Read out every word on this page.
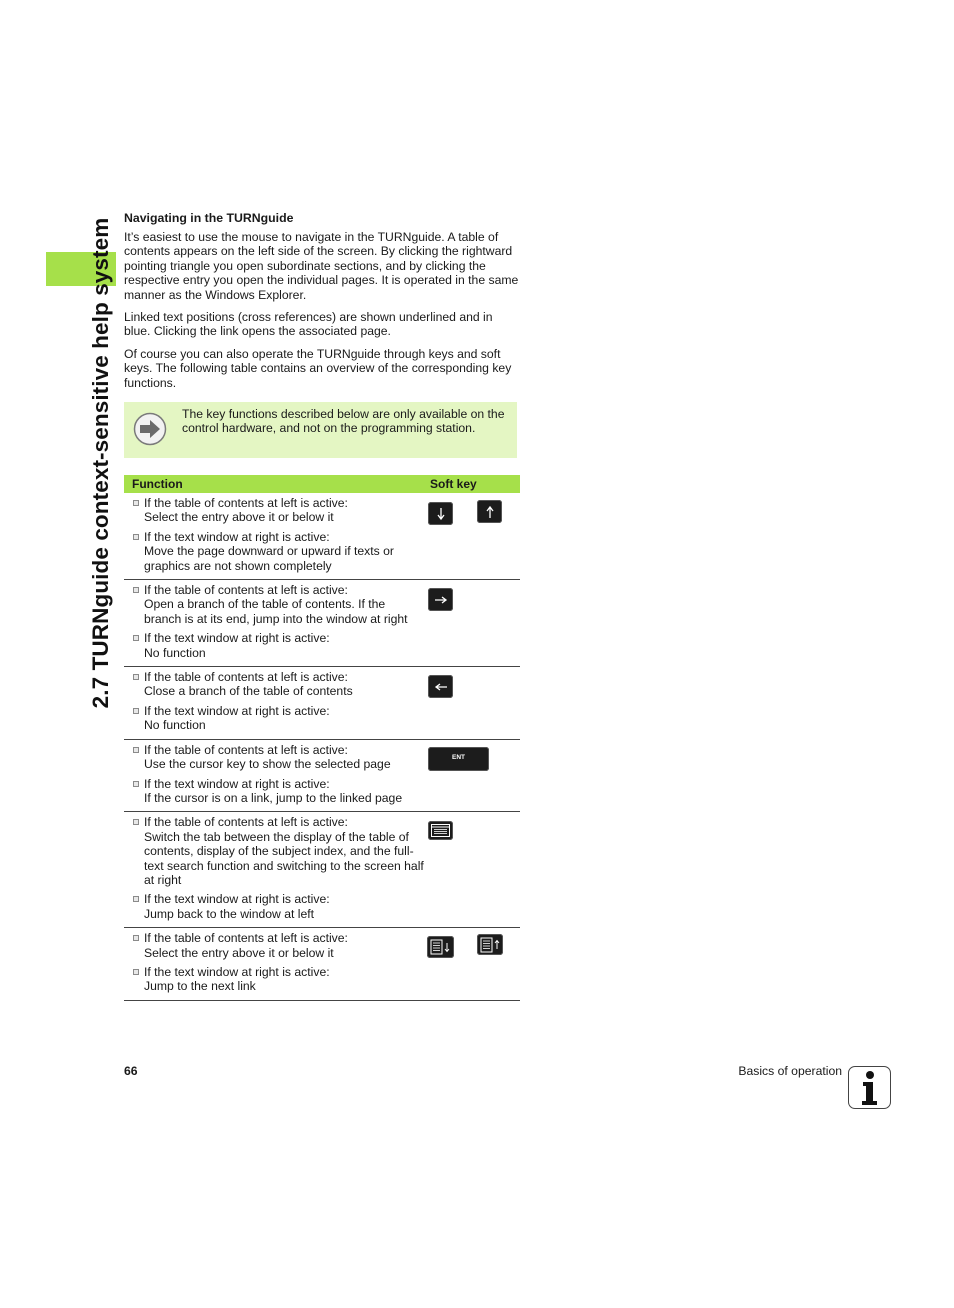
2.7 TURNguide context-sensitive help system Navigating in the TURNguide

It’s easiest to use the mouse to navigate in the TURNguide. A table of contents appears on the left side of the screen. By clicking the rightward pointing triangle you open subordinate sections, and by clicking the respective entry you open the individual pages. It is operated in the same manner as the Windows Explorer.

Linked text positions (cross references) are shown underlined and in blue. Clicking the link opens the associated page.

Of course you can also operate the TURNguide through keys and soft keys. The following table contains an overview of the corresponding key functions.

The key functions described below are only available on the control hardware, and not on the programming station.
Function	Soft key

If the table of contents at left is active:
Select the entry above it or below it
If the text window at right is active:
Move the page downward or upward if texts or graphics are not shown completely

If the table of contents at left is active:
Open a branch of the table of contents. If the branch is at its end, jump into the window at right
If the text window at right is active:
No function

If the table of contents at left is active:
Close a branch of the table of contents
If the text window at right is active:
No function

If the table of contents at left is active:
Use the cursor key to show the selected page
If the text window at right is active:
If the cursor is on a link, jump to the linked page	ENT

If the table of contents at left is active:
Switch the tab between the display of the table of contents, display of the subject index, and the full-text search function and switching to the screen half at right
If the text window at right is active:
Jump back to the window at left

If the table of contents at left is active:
Select the entry above it or below it
If the text window at right is active:
Jump to the next link

66	Basics of operation
